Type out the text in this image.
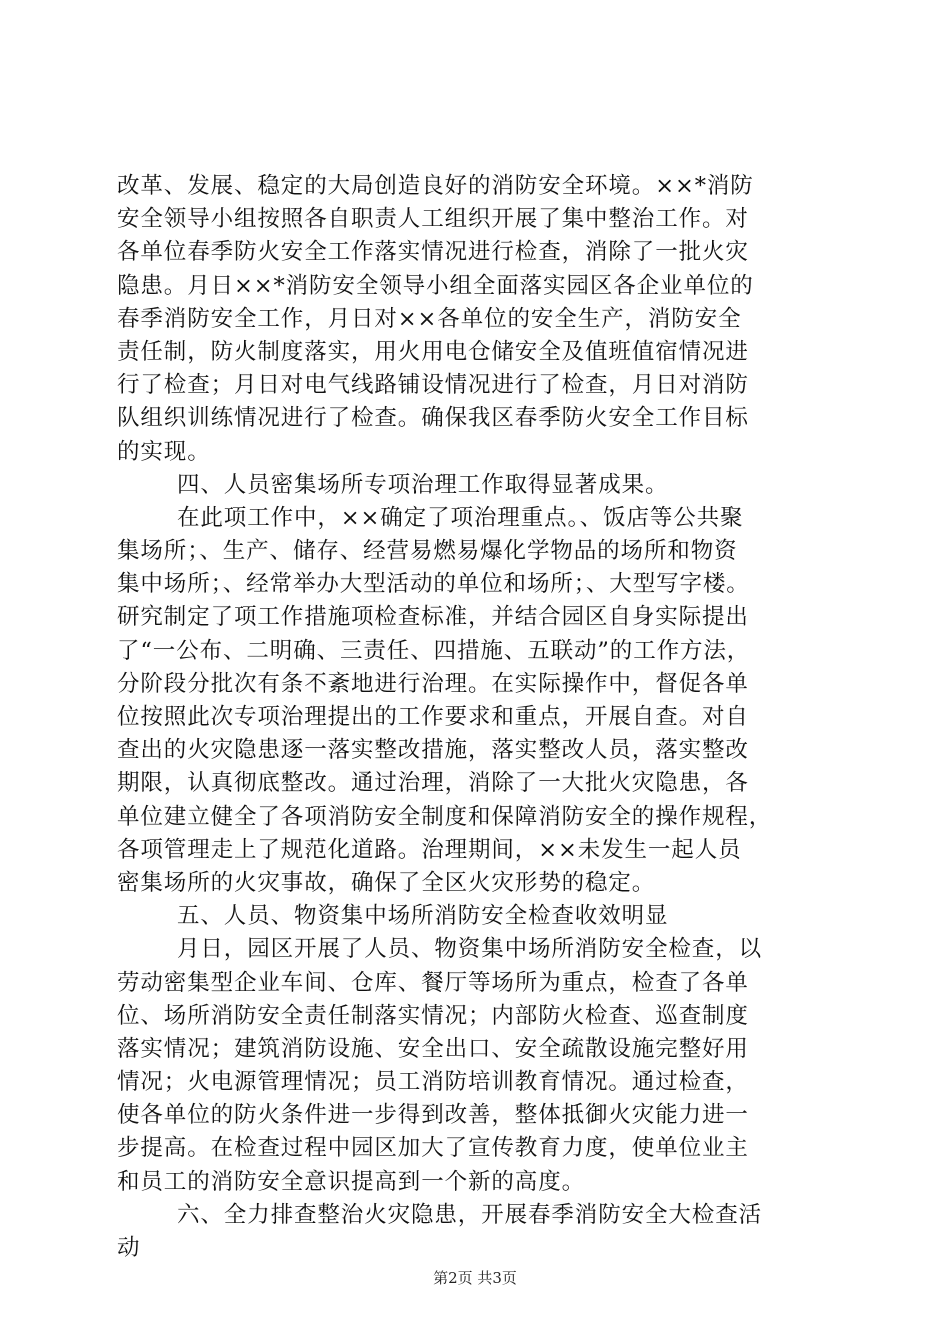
改革、发展、稳定的大局创造良好的消防安全环境。××*消防
安全领导小组按照各自职责人工组织开展了集中整治工作。对
各单位春季防火安全工作落实情况进行检查，消除了一批火灾
隐患。月日××*消防安全领导小组全面落实园区各企业单位的
春季消防安全工作，月日对××各单位的安全生产，消防安全
责任制，防火制度落实，用火用电仓储安全及值班值宿情况进
行了检查；月日对电气线路铺设情况进行了检查，月日对消防
队组织训练情况进行了检查。确保我区春季防火安全工作目标
的实现。
四、人员密集场所专项治理工作取得显著成果。
在此项工作中，××确定了项治理重点。、饭店等公共聚
集场所；、生产、储存、经营易燃易爆化学物品的场所和物资
集中场所；、经常举办大型活动的单位和场所；、大型写字楼。
研究制定了项工作措施项检查标准，并结合园区自身实际提出
了“一公布、二明确、三责任、四措施、五联动”的工作方法，
分阶段分批次有条不紊地进行治理。在实际操作中，督促各单
位按照此次专项治理提出的工作要求和重点，开展自查。对自
查出的火灾隐患逐一落实整改措施，落实整改人员，落实整改
期限，认真彻底整改。通过治理，消除了一大批火灾隐患，各
单位建立健全了各项消防安全制度和保障消防安全的操作规程，
各项管理走上了规范化道路。治理期间，××未发生一起人员
密集场所的火灾事故，确保了全区火灾形势的稳定。
五、人员、物资集中场所消防安全检查收效明显
月日，园区开展了人员、物资集中场所消防安全检查，以
劳动密集型企业车间、仓库、餐厅等场所为重点，检查了各单
位、场所消防安全责任制落实情况；内部防火检查、巡查制度
落实情况；建筑消防设施、安全出口、安全疏散设施完整好用
情况；火电源管理情况；员工消防培训教育情况。通过检查，
使各单位的防火条件进一步得到改善，整体抵御火灾能力进一
步提高。在检查过程中园区加大了宣传教育力度，使单位业主
和员工的消防安全意识提高到一个新的高度。
六、全力排查整治火灾隐患，开展春季消防安全大检查活
动
第2页 共3页
